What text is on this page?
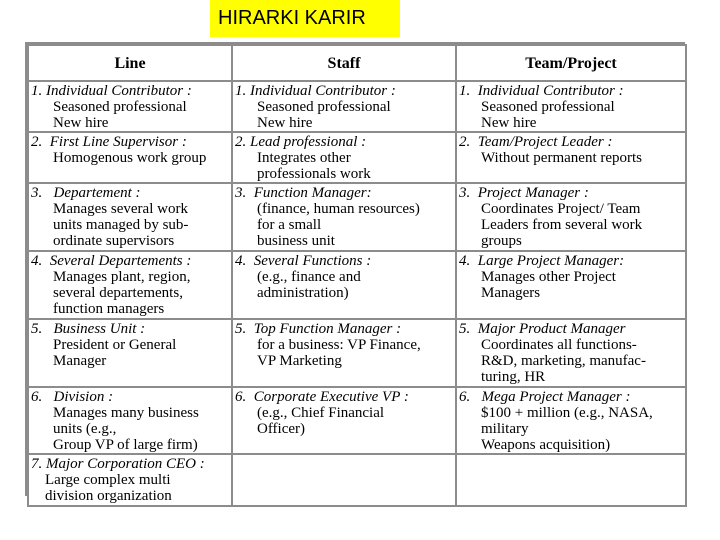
HIRARKI KARIR
Line	Staff	Team/Project

1. Individual Contributor :
Seasoned professional
New hire	1. Individual Contributor :
Seasoned professional
New hire	1.  Individual Contributor :
Seasoned professional
New hire

2.  First Line Supervisor :
Homogenous work group	2. Lead professional :
Integrates other
professionals work	2.  Team/Project Leader :
Without permanent reports

3.   Departement :
Manages several work
units managed by sub-
ordinate supervisors	3.  Function Manager:
(finance, human resources)
for a small
business unit	3.  Project Manager :
Coordinates Project/ Team
Leaders from several work
groups

4.  Several Departements :
Manages plant, region,
several departements,
function managers	4.  Several Functions :
(e.g., finance and
administration)	4.  Large Project Manager:
Manages other Project
Managers

5.   Business Unit :
President or General
Manager	5.  Top Function Manager :
for a business: VP Finance,
VP Marketing	5.  Major Product Manager
Coordinates all functions-
R&D, marketing, manufac-
turing, HR

6.   Division :
Manages many business
units (e.g.,
Group VP of large firm)	6.  Corporate Executive VP :
(e.g., Chief Financial
Officer)	6.   Mega Project Manager :
$100 + million (e.g., NASA,
military
Weapons acquisition)

7. Major Corporation CEO :
Large complex multi
division organization		
